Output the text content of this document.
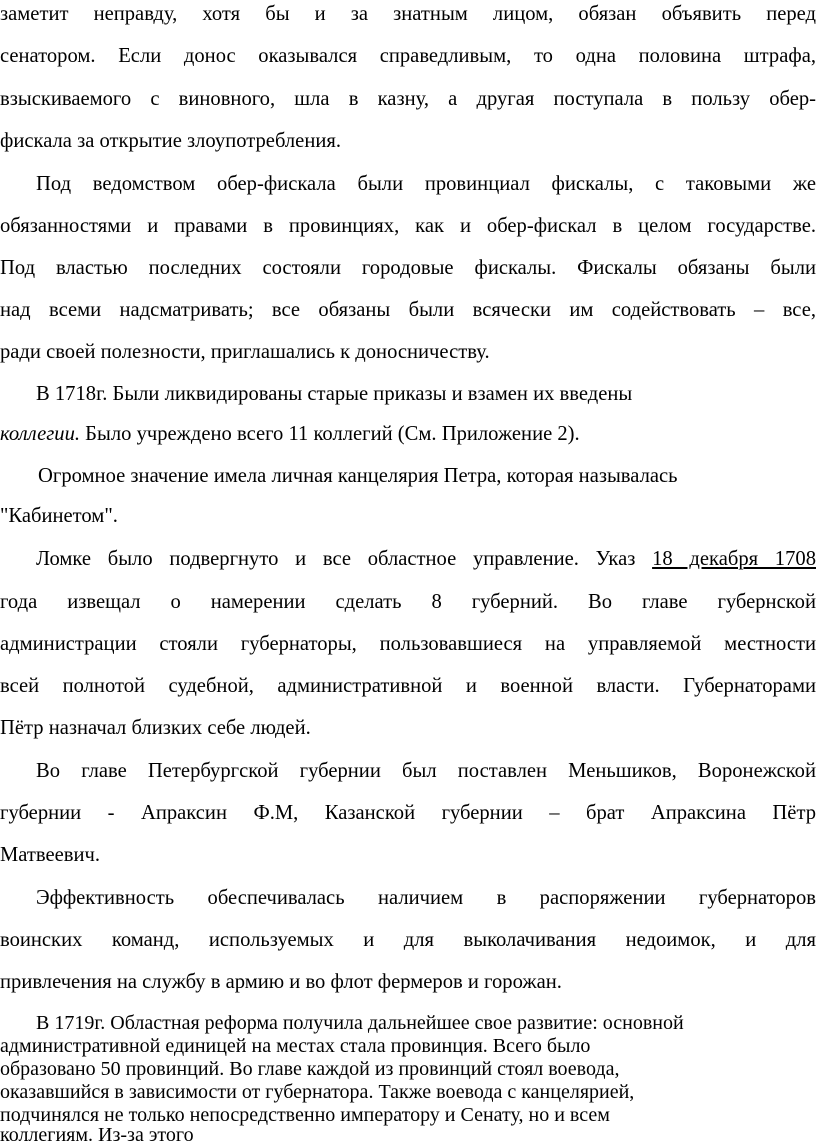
заметит неправду, хотя бы и за знатным лицом, обязан объявить перед
сенатором. Если донос оказывался справедливым, то одна половина штрафа,
взыскиваемого с виновного, шла в казну, а другая поступала в пользу обер-
фискала за открытие злоупотребления.
Под ведомством обер-фискала были провинциал фискалы, с таковыми же
обязанностями и правами в провинциях, как и обер-фискал в целом государстве.
Под властью последних состояли городовые фискалы. Фискалы обязаны были
над всеми надсматривать; все обязаны были всячески им содействовать – все,
ради своей полезности, приглашались к доносничеству.
В 1718г. Были ликвидированы старые приказы и взамен их введены
коллегии. Было учреждено всего 11 коллегий (См. Приложение 2).
Огромное значение имела личная канцелярия Петра, которая называлась
"Кабинетом".
Ломке было подвергнуто и все областное управление. Указ 18 декабря 1708
года извещал о намерении сделать 8 губерний. Во главе губернской
администрации стояли губернаторы, пользовавшиеся на управляемой местности
всей полнотой судебной, административной и военной власти. Губернаторами
Пётр назначал близких себе людей.
Во главе Петербургской губернии был поставлен Меньшиков, Воронежской
губернии - Апраксин Ф.М, Казанской губернии – брат Апраксина Пётр
Матвеевич.
Эффективность обеспечивалась наличием в распоряжении губернаторов
воинских команд, используемых и для выколачивания недоимок, и для
привлечения на службу в армию и во флот фермеров и горожан.
В 1719г. Областная реформа получила дальнейшее свое развитие: основной
административной единицей на местах стала провинция. Всего было
образовано 50 провинций. Во главе каждой из провинций стоял воевода,
оказавшийся в зависимости от губернатора. Также воевода с канцелярией,
подчинялся не только непосредственно императору и Сенату, но и всем
коллегиям. Из-за этого
